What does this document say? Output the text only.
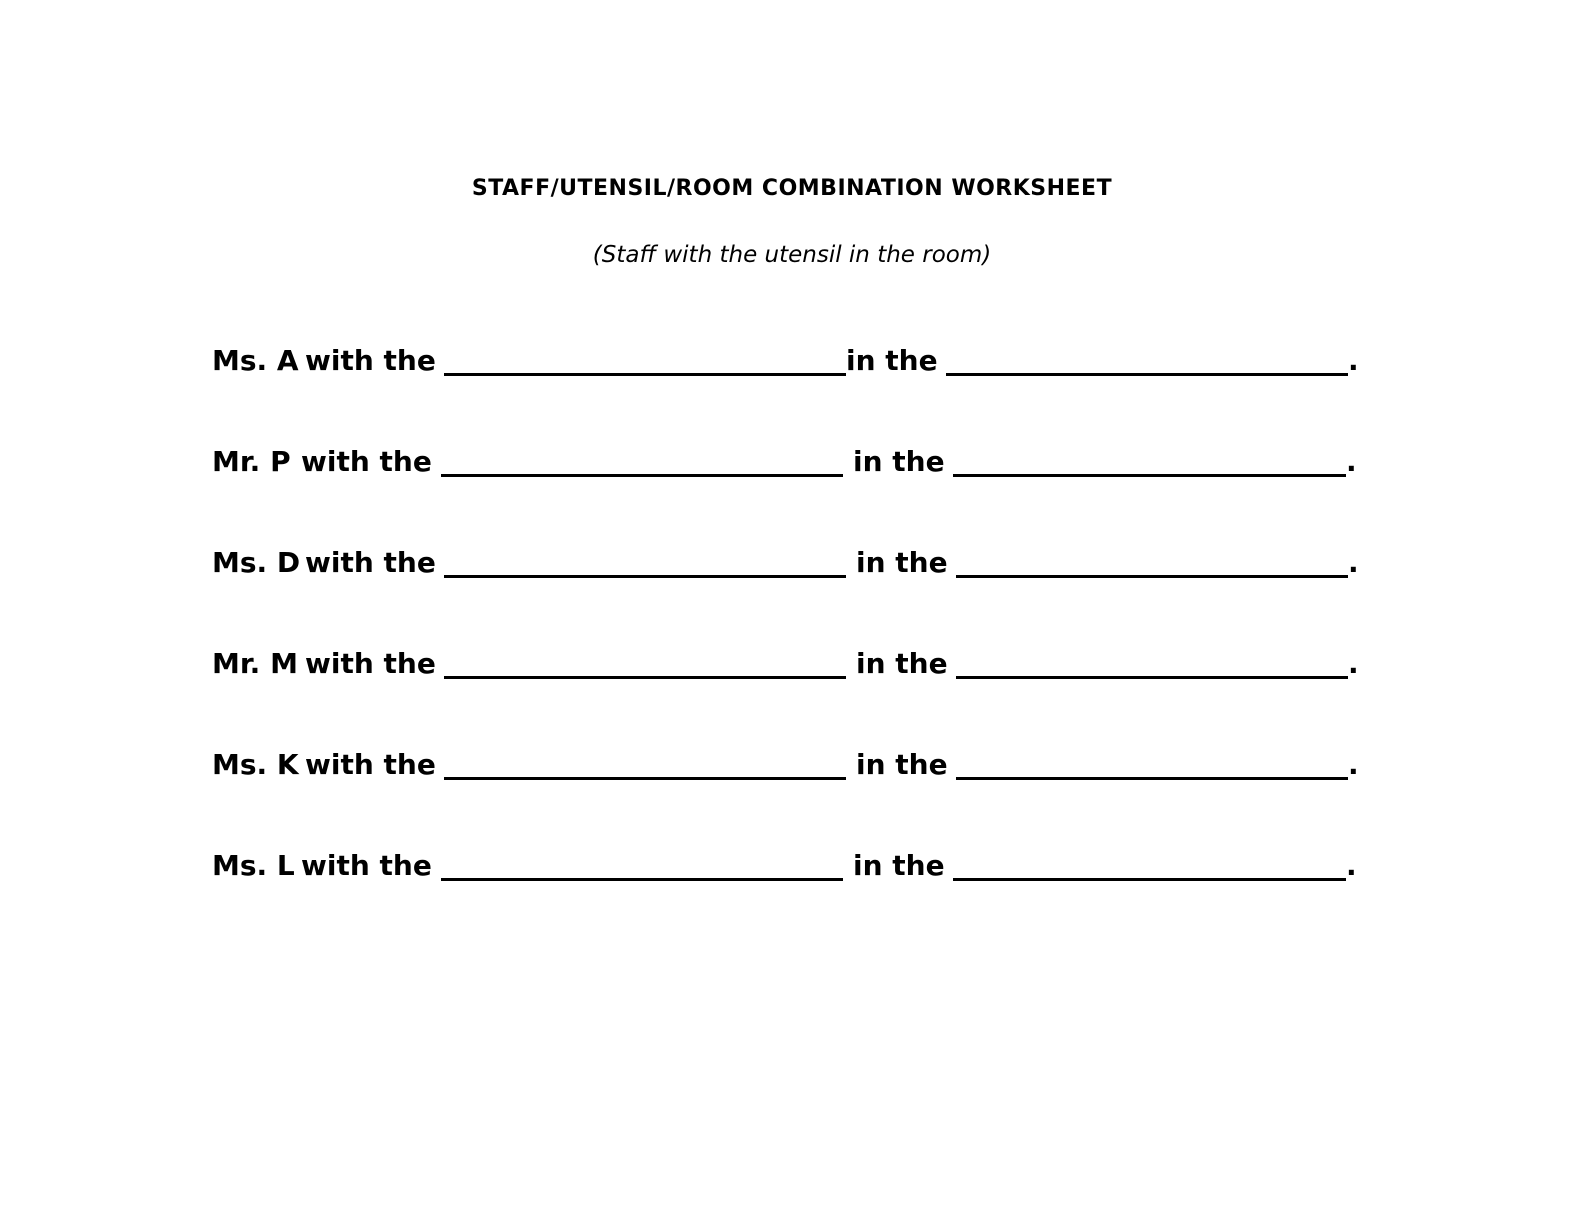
STAFF/UTENSIL/ROOM COMBINATION WORKSHEET

(Staff with the utensil in the room)

Ms. A with the	in the	.
Mr. P with the	in the	.
Ms. D with the	in the	.
Mr. M with the	in the	.
Ms. K with the	in the	.
Ms. L with the	in the	.
